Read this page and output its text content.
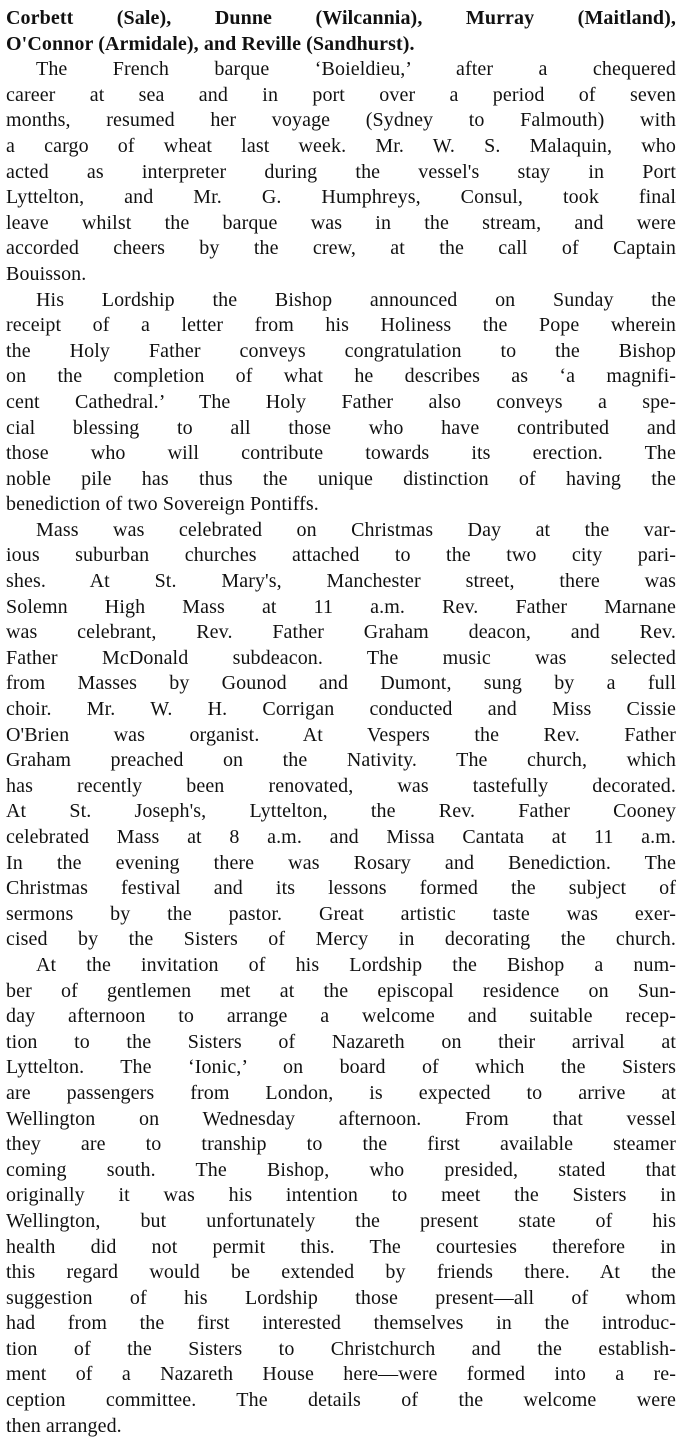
Corbett (Sale), Dunne (Wilcannia), Murray (Maitland),
O'Connor (Armidale), and Reville (Sandhurst).
The French barque ‘Boieldieu,’ after a chequered
career at sea and in port over a period of seven
months, resumed her voyage (Sydney to Falmouth) with
a cargo of wheat last week. Mr. W. S. Malaquin, who
acted as interpreter during the vessel's stay in Port
Lyttelton, and Mr. G. Humphreys, Consul, took final
leave whilst the barque was in the stream, and were
accorded cheers by the crew, at the call of Captain
Bouisson.
His Lordship the Bishop announced on Sunday the
receipt of a letter from his Holiness the Pope wherein
the Holy Father conveys congratulation to the Bishop
on the completion of what he describes as ‘a magnifi-
cent Cathedral.’ The Holy Father also conveys a spe-
cial blessing to all those who have contributed and
those who will contribute towards its erection. The
noble pile has thus the unique distinction of having the
benediction of two Sovereign Pontiffs.
Mass was celebrated on Christmas Day at the var-
ious suburban churches attached to the two city pari-
shes. At St. Mary's, Manchester street, there was
Solemn High Mass at 11 a.m. Rev. Father Marnane
was celebrant, Rev. Father Graham deacon, and Rev.
Father McDonald subdeacon. The music was selected
from Masses by Gounod and Dumont, sung by a full
choir. Mr. W. H. Corrigan conducted and Miss Cissie
O'Brien was organist. At Vespers the Rev. Father
Graham preached on the Nativity. The church, which
has recently been renovated, was tastefully decorated.
At St. Joseph's, Lyttelton, the Rev. Father Cooney
celebrated Mass at 8 a.m. and Missa Cantata at 11 a.m.
In the evening there was Rosary and Benediction. The
Christmas festival and its lessons formed the subject of
sermons by the pastor. Great artistic taste was exer-
cised by the Sisters of Mercy in decorating the church.
At the invitation of his Lordship the Bishop a num-
ber of gentlemen met at the episcopal residence on Sun-
day afternoon to arrange a welcome and suitable recep-
tion to the Sisters of Nazareth on their arrival at
Lyttelton. The ‘Ionic,’ on board of which the Sisters
are passengers from London, is expected to arrive at
Wellington on Wednesday afternoon. From that vessel
they are to tranship to the first available steamer
coming south. The Bishop, who presided, stated that
originally it was his intention to meet the Sisters in
Wellington, but unfortunately the present state of his
health did not permit this. The courtesies therefore in
this regard would be extended by friends there. At the
suggestion of his Lordship those present—all of whom
had from the first interested themselves in the introduc-
tion of the Sisters to Christchurch and the establish-
ment of a Nazareth House here—were formed into a re-
ception committee. The details of the welcome were
then arranged.
